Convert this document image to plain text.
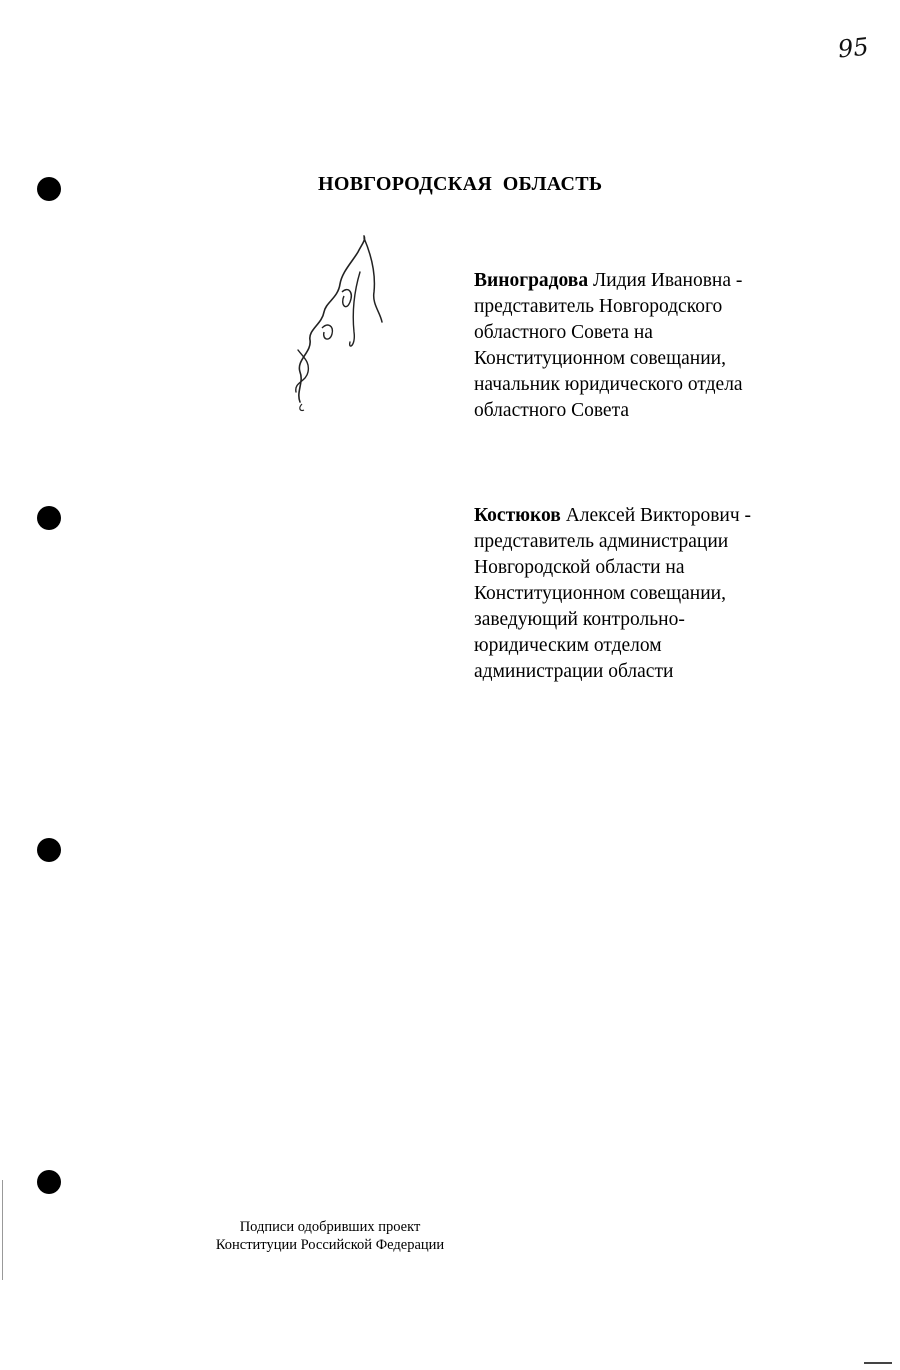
95
НОВГОРОДСКАЯ  ОБЛАСТЬ
Виноградова Лидия Ивановна -
представитель Новгородского
областного Совета на
Конституционном совещании,
начальник юридического отдела
областного Совета
Костюков Алексей Викторович -
представитель администрации
Новгородской области на
Конституционном совещании,
заведующий контрольно-
юридическим отделом
администрации области
Подписи одобривших проект
Конституции Российской Федерации
